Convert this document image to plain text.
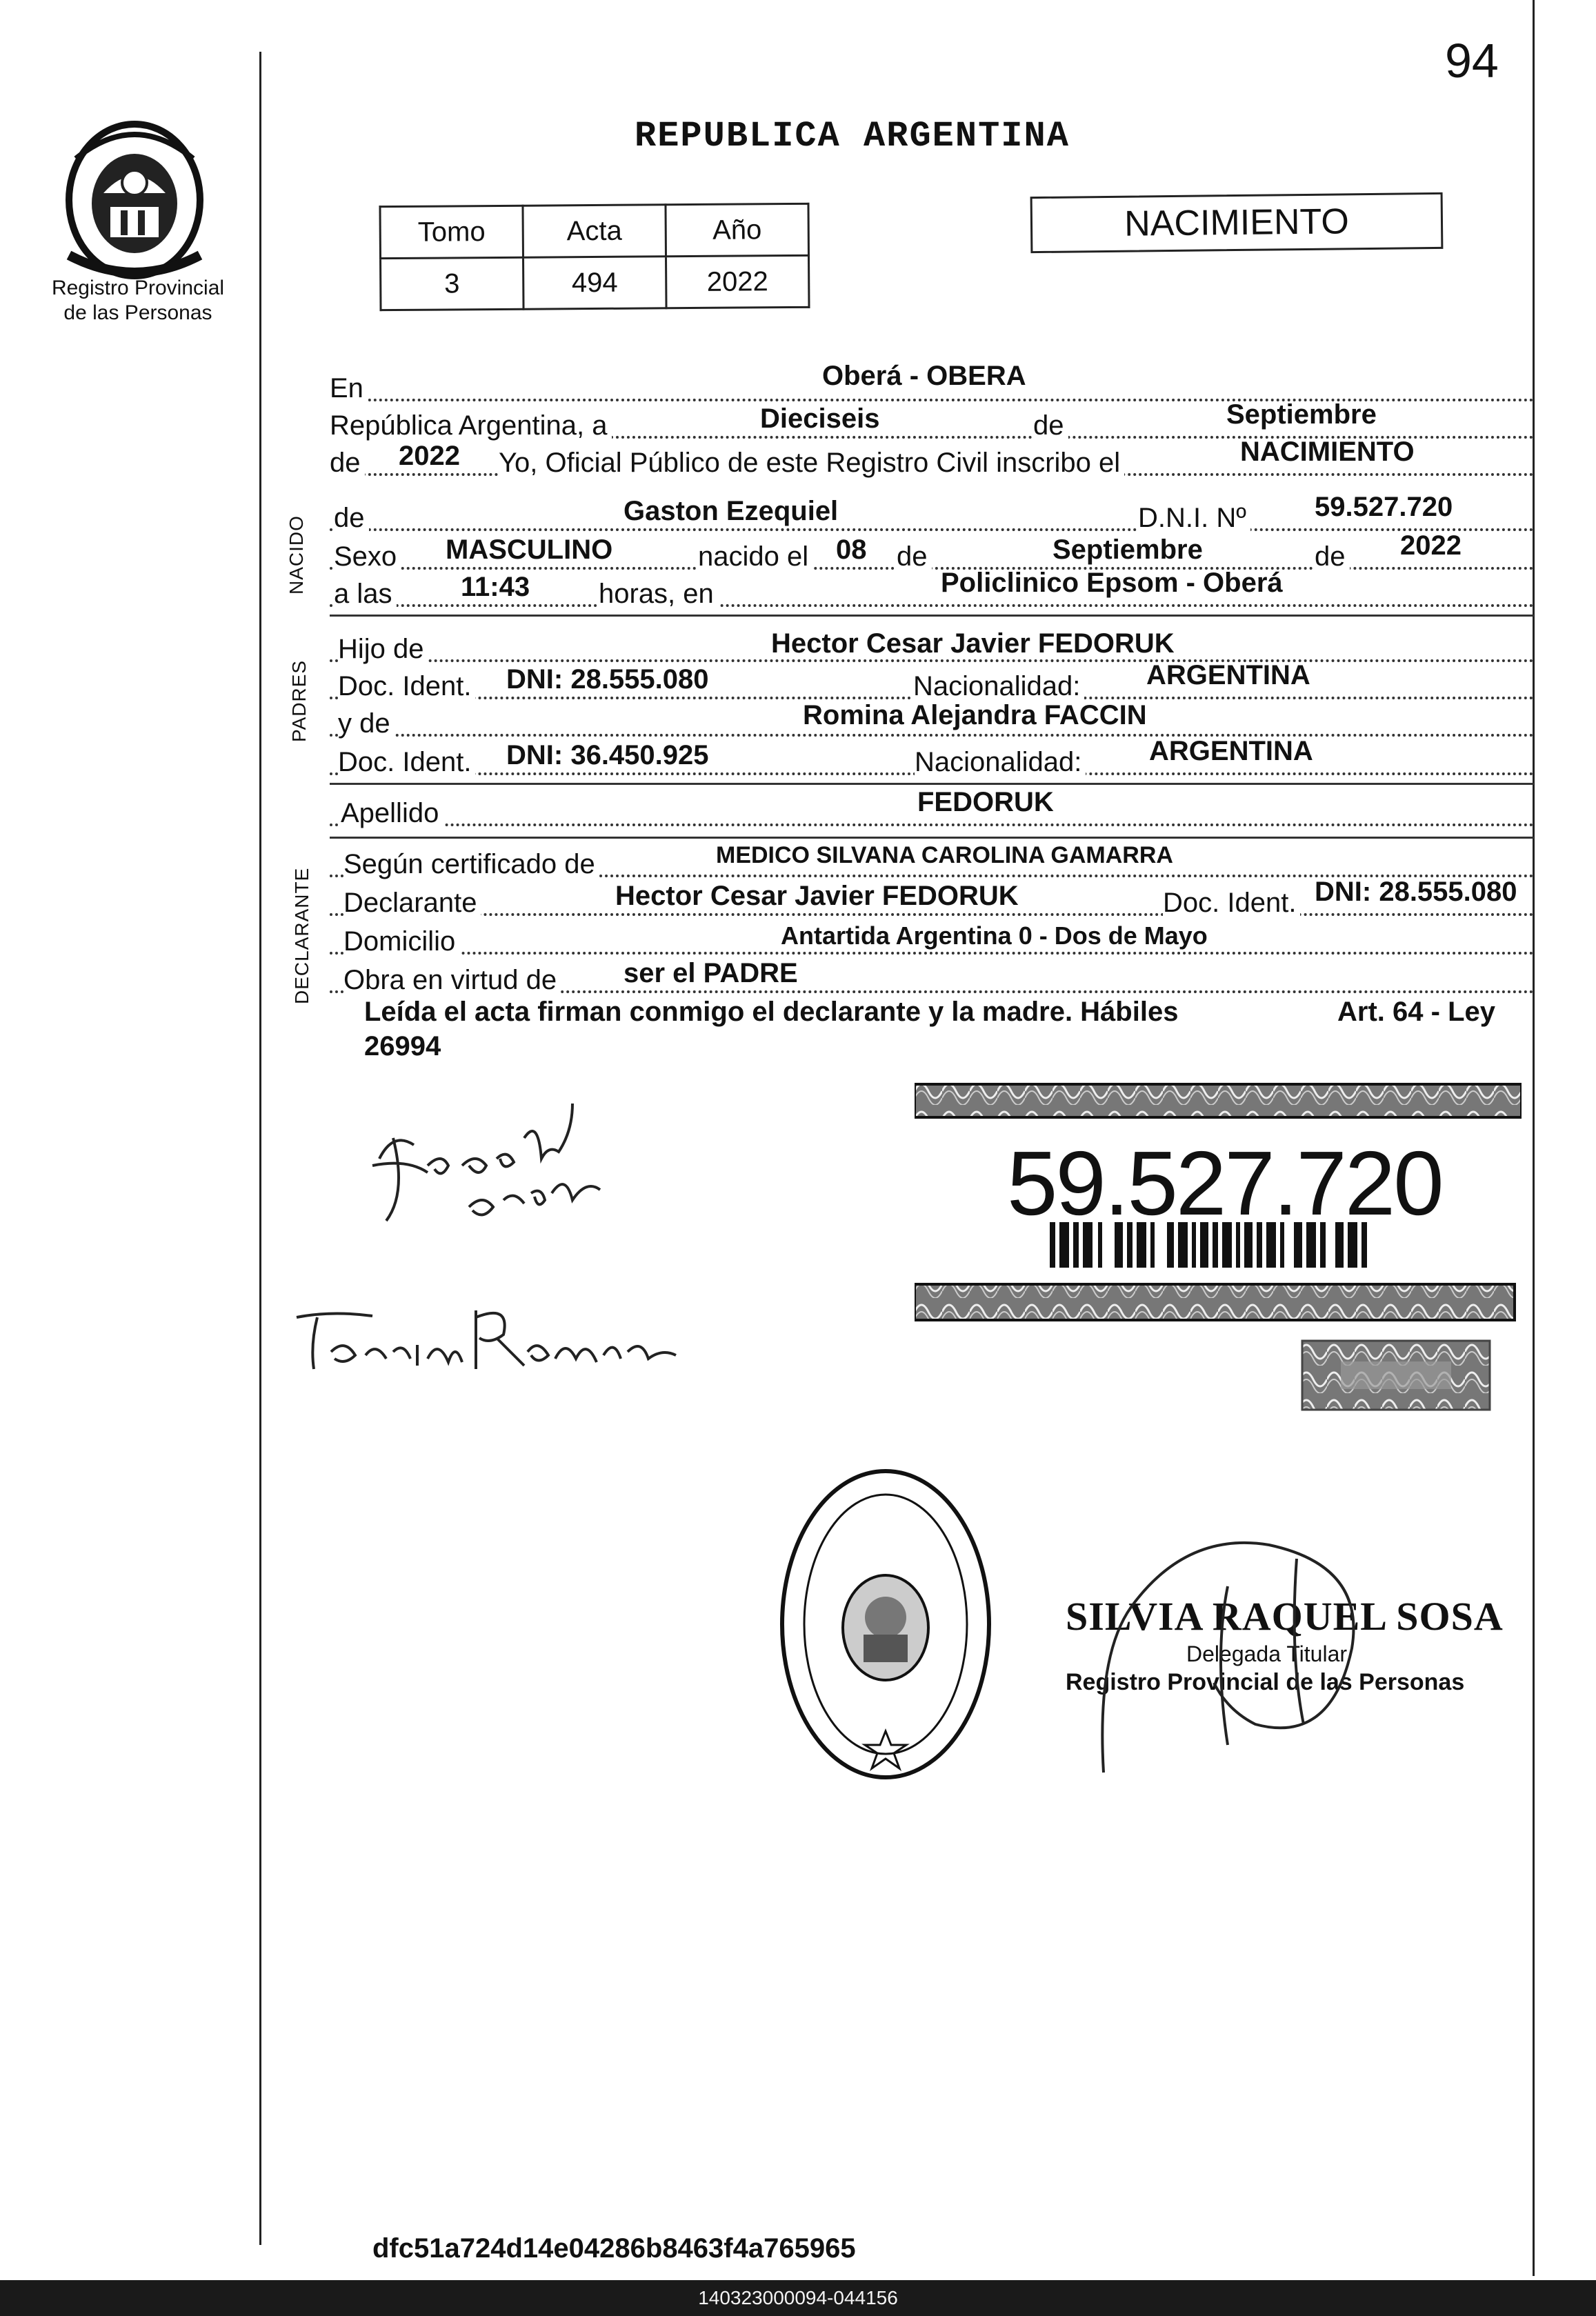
94
Registro Provincial
de las Personas
REPUBLICA ARGENTINA
Tomo	Acta	Año
3	494	2022
NACIMIENTO
En	Oberá - OBERA
República Argentina, a	Dieciseis	de	Septiembre
de 2022 Yo, Oficial Público de este Registro Civil inscribo el	NACIMIENTO
NACIDO de	Gaston Ezequiel	D.N.I. Nº 59.527.720
Sexo MASCULINO	nacido el 08 de	Septiembre	de 2022
a las 11:43 horas, en	Policlinico Epsom - Oberá
PADRES
Hijo de	Hector Cesar Javier FEDORUK
Doc. Ident. DNI: 28.555.080	Nacionalidad: ARGENTINA
y de	Romina Alejandra FACCIN
Doc. Ident. DNI: 36.450.925	Nacionalidad: ARGENTINA
Apellido	FEDORUK
DECLARANTE
Según certificado de	MEDICO SILVANA CAROLINA GAMARRA
Declarante	Hector Cesar Javier FEDORUK	Doc. Ident. DNI: 28.555.080
Domicilio	Antartida Argentina 0 - Dos de Mayo
Obra en virtud de ser el PADRE
Art. 64 - Ley
Leída el acta firman conmigo el declarante y la madre. Hábiles
26994
59.527.720
SILVIA RAQUEL SOSA
Delegada Titular
Registro Provincial de las Personas
dfc51a724d14e04286b8463f4a765965
140323000094-044156
